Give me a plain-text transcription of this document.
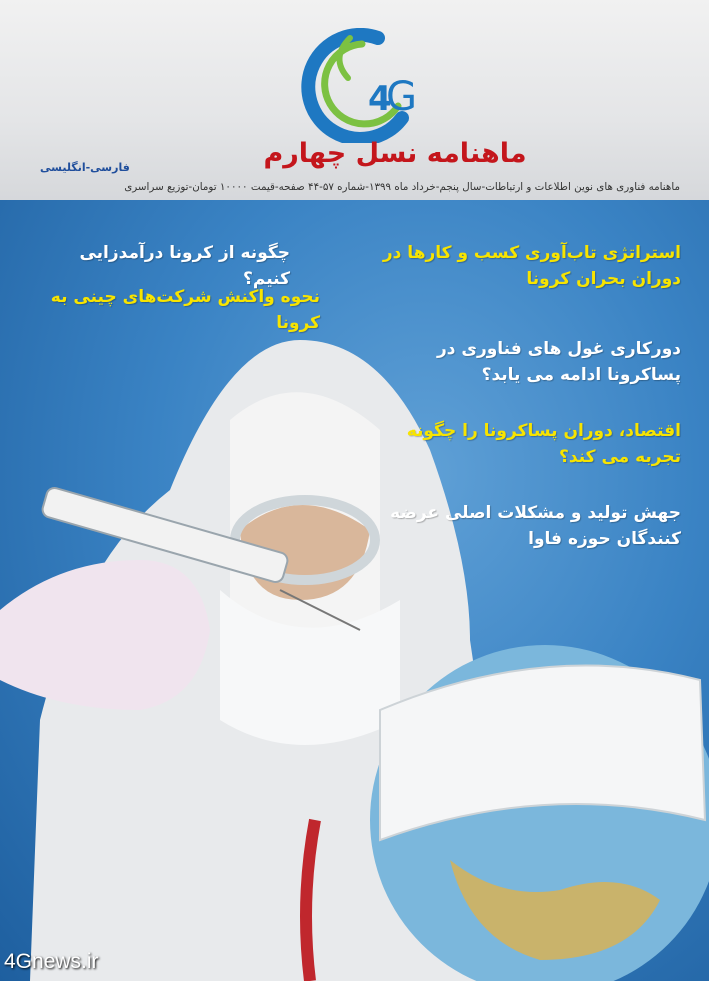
4
G
ماهنامه نسل چهارم
فارسی-انگلیسی
ماهنامه فناوری های نوین اطلاعات و ارتباطات-سال پنجم-خرداد ماه ۱۳۹۹-شماره ۵۷-۴۴ صفحه-قیمت ۱۰۰۰۰ تومان-توزیع سراسری
چگونه از کرونا درآمدزایی کنیم؟
نحوه واکنش شرکت‌های چینی به کرونا
استراتژی تاب‌آوری کسب و کارها در دوران بحران کرونا
دورکاری غول های فناوری در پساکرونا ادامه می یابد؟
اقتصاد، دوران پساکرونا را چگونه تجربه می کند؟
جهش تولید و مشکلات اصلی عرضه کنندگان حوزه فاوا
4Gnews.ir
